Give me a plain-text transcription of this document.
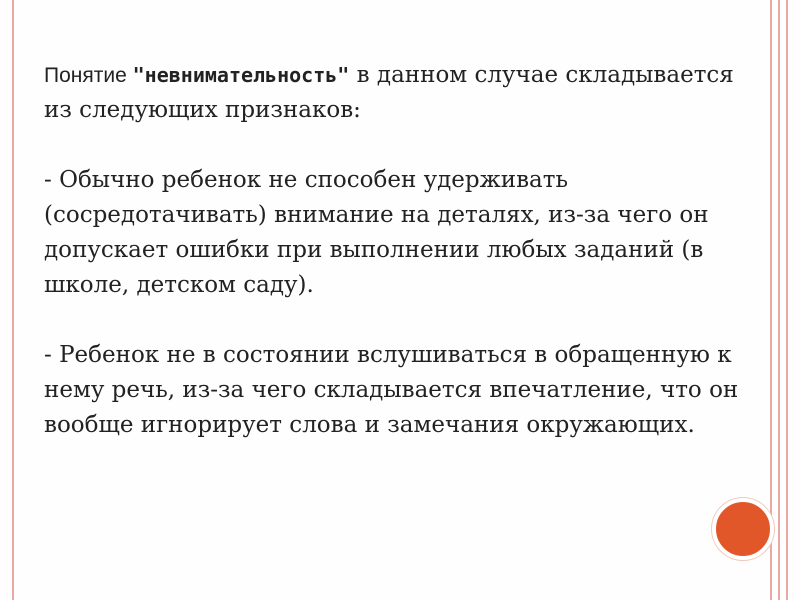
Понятие "невнимательность" в данном случае складывается из следующих признаков:

- Обычно ребенок не способен удерживать (сосредотачивать) внимание на деталях, из-за чего он допускает ошибки при выполнении любых заданий (в школе, детском саду).

- Ребенок не в состоянии вслушиваться в обращенную к нему речь, из-за чего складывается впечатление, что он вообще игнорирует слова и замечания окружающих.
